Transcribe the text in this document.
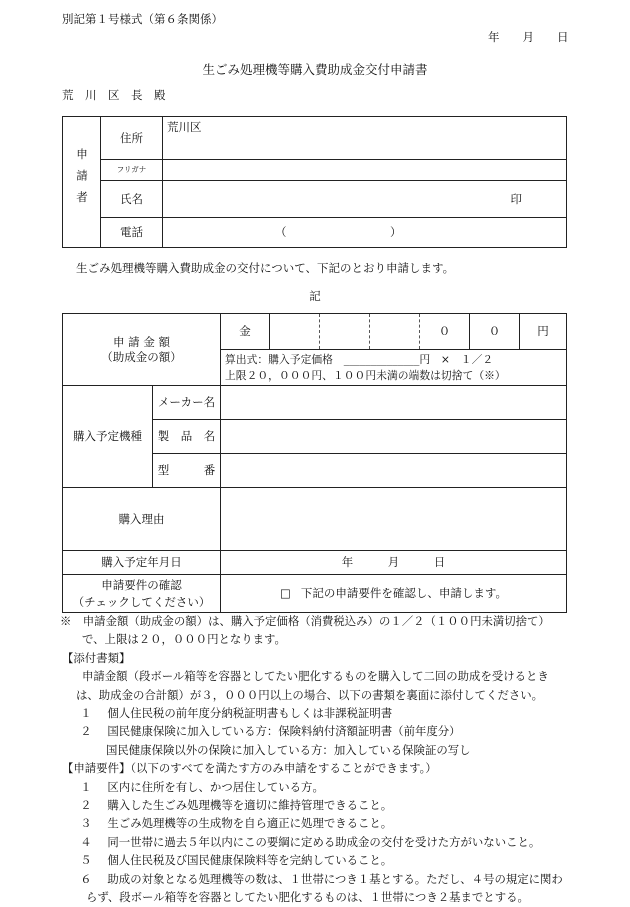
別記第１号様式（第６条関係）
年　　月　　日
生ごみ処理機等購入費助成金交付申請書
荒　川　区　長　殿
申請者	住所	荒川区
	フリガナ	
	氏名	印
	電話	（　　　　　　　　　）
生ごみ処理機等購入費助成金の交付について、下記のとおり申請します。
記
申 請 金 額
（助成金の額）		金				０	０	円

		算出式：購入予定価格　______________円　×　１／２
上限２０，０００円、１００円未満の端数は切捨て（※）						

購入予定機種	メーカー名							
	製　品　名							
	型　　　番							
購入理由								
購入予定年月日		年　　　月　　　日						

申請要件の確認
（チェックしてください）		□ 下記の申請要件を確認し、申請します。						
※　申請金額（助成金の額）は、購入予定価格（消費税込み）の１／２（１００円未満切捨て）
で、上限は２０，０００円となります。
【添付書類】
申請金額（段ボール箱等を容器としてたい肥化するものを購入して二回の助成を受けるとき
は、助成金の合計額）が３，０００円以上の場合、以下の書類を裏面に添付してください。
１　 個人住民税の前年度分納税証明書もしくは非課税証明書
２　 国民健康保険に加入している方：保険料納付済額証明書（前年度分）
国民健康保険以外の保険に加入している方：加入している保険証の写し
【申請要件】（以下のすべてを満たす方のみ申請をすることができます。）
１　 区内に住所を有し、かつ居住している方。
２　 購入した生ごみ処理機等を適切に維持管理できること。
３　 生ごみ処理機等の生成物を自ら適正に処理できること。
４　 同一世帯に過去５年以内にこの要綱に定める助成金の交付を受けた方がいないこと。
５　 個人住民税及び国民健康保険料等を完納していること。
６　 助成の対象となる処理機等の数は、１世帯につき１基とする。ただし、４号の規定に関わ
らず、段ボール箱等を容器としてたい肥化するものは、１世帯につき２基までとする。
